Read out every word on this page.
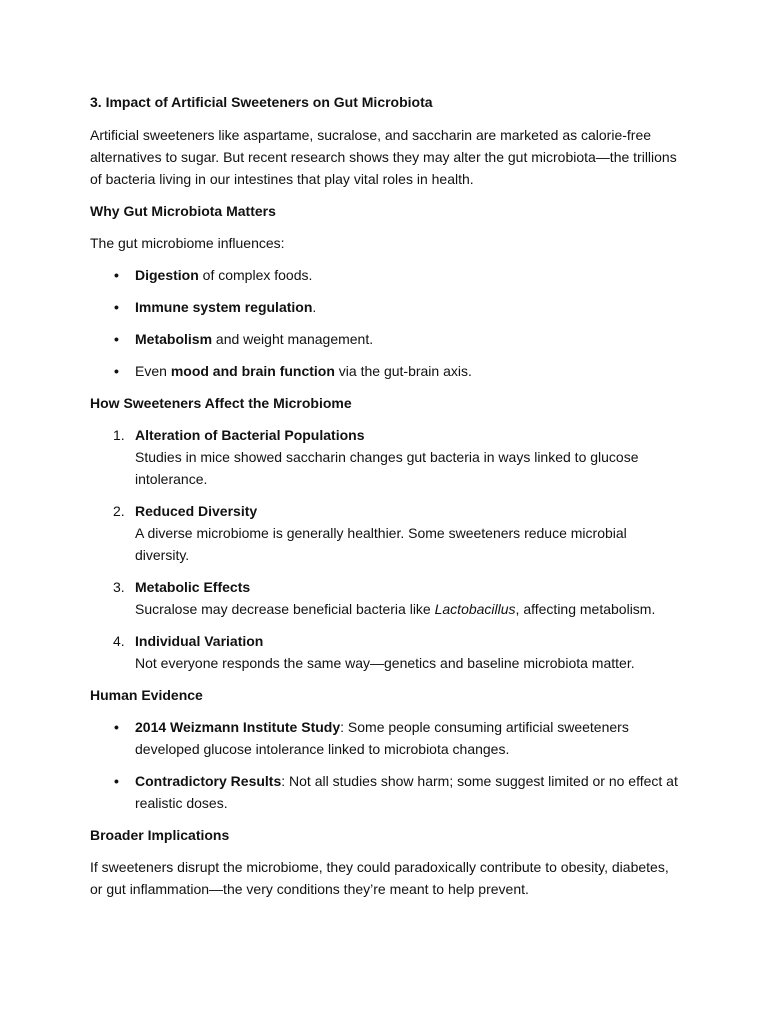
3. Impact of Artificial Sweeteners on Gut Microbiota

Artificial sweeteners like aspartame, sucralose, and saccharin are marketed as calorie-free alternatives to sugar. But recent research shows they may alter the gut microbiota—the trillions of bacteria living in our intestines that play vital roles in health.

Why Gut Microbiota Matters

The gut microbiome influences:

• Digestion of complex foods.
• Immune system regulation.
• Metabolism and weight management.
• Even mood and brain function via the gut-brain axis.

How Sweeteners Affect the Microbiome

1. Alteration of Bacterial Populations
Studies in mice showed saccharin changes gut bacteria in ways linked to glucose intolerance.
2. Reduced Diversity
A diverse microbiome is generally healthier. Some sweeteners reduce microbial diversity.
3. Metabolic Effects
Sucralose may decrease beneficial bacteria like Lactobacillus, affecting metabolism.
4. Individual Variation
Not everyone responds the same way—genetics and baseline microbiota matter.

Human Evidence

• 2014 Weizmann Institute Study: Some people consuming artificial sweeteners developed glucose intolerance linked to microbiota changes.
• Contradictory Results: Not all studies show harm; some suggest limited or no effect at realistic doses.

Broader Implications

If sweeteners disrupt the microbiome, they could paradoxically contribute to obesity, diabetes, or gut inflammation—the very conditions they’re meant to help prevent.
